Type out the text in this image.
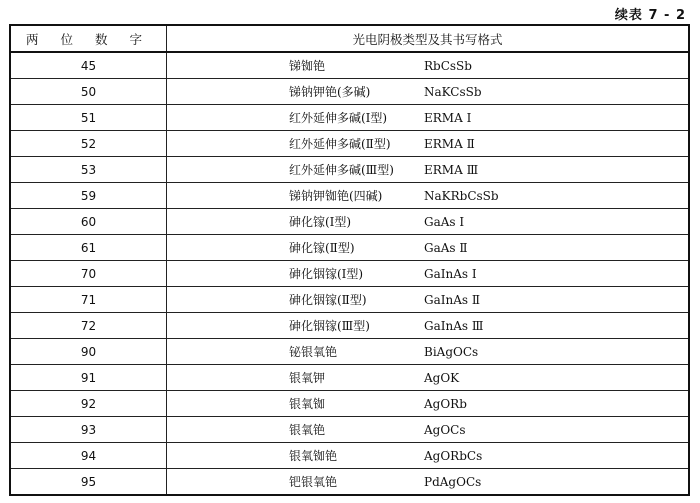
续表 7 - 2
两 位 数 字	光电阴极类型及其书写格式
45	锑铷铯 RbCsSb
50	锑钠钾铯(多碱) NaKCsSb
51	红外延伸多碱(Ⅰ型) ERMA Ⅰ
52	红外延伸多碱(Ⅱ型) ERMA Ⅱ
53	红外延伸多碱(Ⅲ型) ERMA Ⅲ
59	锑钠钾铷铯(四碱) NaKRbCsSb
60	砷化镓(Ⅰ型) GaAs Ⅰ
61	砷化镓(Ⅱ型) GaAs Ⅱ
70	砷化铟镓(Ⅰ型) GaInAs Ⅰ
71	砷化铟镓(Ⅱ型) GaInAs Ⅱ
72	砷化铟镓(Ⅲ型) GaInAs Ⅲ
90	铋银氧铯 BiAgOCs
91	银氧钾 AgOK
92	银氧铷 AgORb
93	银氧铯 AgOCs
94	银氧铷铯 AgORbCs
95	钯银氧铯 PdAgOCs
